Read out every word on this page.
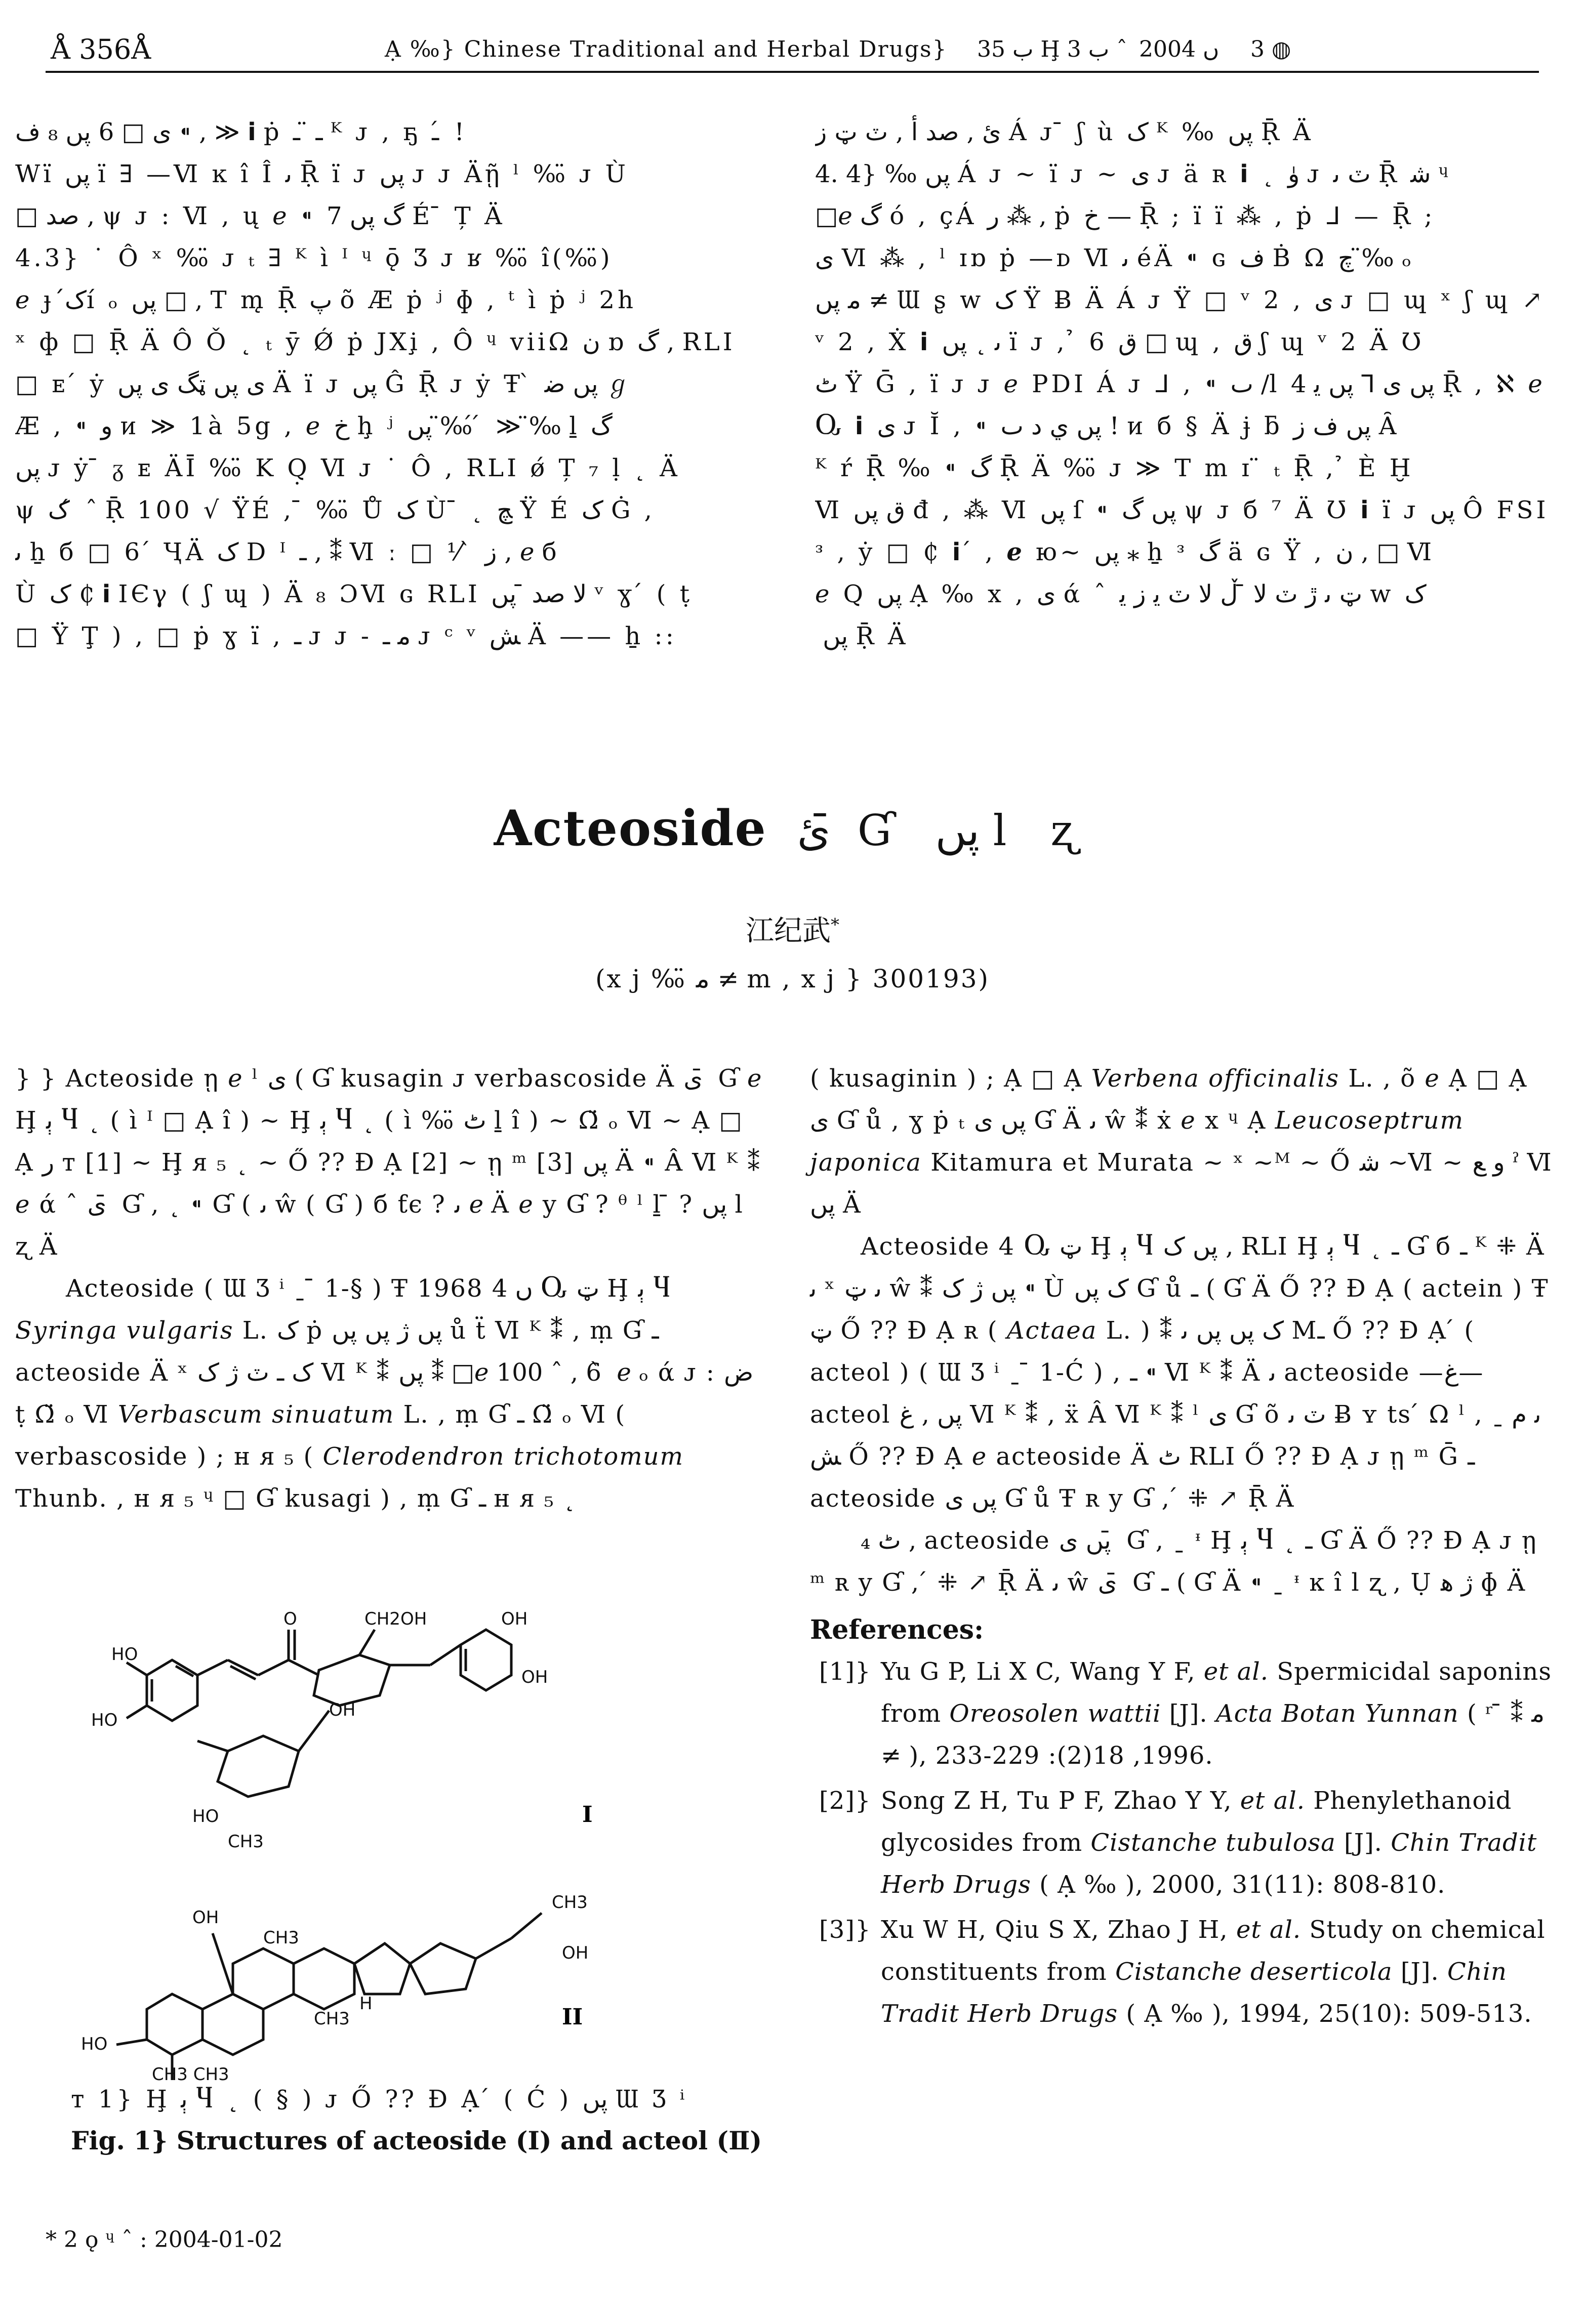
Å 356Å	Ạ ‰} Chinese Traditional and Herbal Drugs} ب 35 Ḩ ب 3 ˆ 2004 ں 3 ◍
ی □ 6 پں ₈ ف ⁌ , ≫ 𝗶 ṗ ـ ̈ ـ ᴷ ᴊ , ҕ ـ ́ !
Wï پں ï ∃ —Ⅵ ĸ î Î ﯨ Ṝ ï ᴊ پں ᴊ ᴊ Äῇ ˡ ‰̈ ᴊ Ù
□ ﺻﺪ , ψ ᴊ : Ⅵ , ų ℯ ⁌ گ پں 7 É ̄ Ț Ä
4.3} ˙ Ô ˣ ‰̈ ᴊ ₜ ∃ ᴷ ì ᴵ ᶣ ǭ Ʒ ᴊ ʁ ‰̈ î(‰̈)
ℯ ɟ ک́í ₒ پں □ , T m̨ Ṝ پ õ Æ ṗ ʲ ɸ , ᵗ ì ṗ ʲ 2h
ˣ ф □ Ṝ Ä Ô Ǒ ˛ ₜ ӯ Ǿ ṗ JXi̧ , Ô ᶣ viiΩ ن ɒ گ , RLI
□ ᴇ ́ ẏ ی پں ټگ ی پں Ä ï ᴊ پں Ĝ Ṝ ᴊ ẏ Ŧ ̀ پں ﺿ ℊ
Æ , ⁌ و ᴎ ≫ 1à 5g , ℯ خ ḩ ʲ پں ‰̈ ́ ́ ≫ ‰̈ ḻ گ
پں ᴊ ẏ ̄ ᵹ ᴇ ÄĪ ‰̈ K Q̣ Ⅵ ᴊ ˙ Ô , RLI ǿ Ț ₇ ḷ ˛ Ä
ψ ک ́ ˆ Ṝ 100 √ ŸÉ , ̄ ‰̈ Ů ک Ù ̄ ˛ ﭻ Ÿ É ک Ġ ,
ﯨ ẖ б □ 6 ́ ҶÄ ک D ᴵ ـ , ⁑ Ⅵ ː □ ⅟ ̀ ز , ℯ б
Ù ک ₵ 𝗶 ІЄγ ( ʃ ɰ ) Ä ₈ ƆⅥ ɢ RLI ﻻ ﺻﺪ ̄ پں ᵛ ɣ ́ ( ṭ
□ Ÿ Ţ ) , □ ṗ ɣ ï , ـ ᴊ ᴊ - ﻣ ـ ᴊ ᶜ ᵛ ﺶ Ä —— ẖ ::
ئ , ﺻﺪ ﺃ , ٽ ټ ز Á ᴊ ̄ ʃ ù ک ᴷ ‰ پں Ṝ Ä
4. 4} ‰ پں Á ᴊ ~ ï ᴊ ~ ی ᴊ ä ʀ 𝗶 ˛ ﯛ ᴊ ٽ ﯨ Ṝ ﺷ ᶣ
□ℯ گ ó , çÁ ﺭ ⁂ , ṗ خ — Ṝ ; ï ï ⁂ , ṗ ᒧ — Ṝ ;
ی Ⅵ ⁂ , ˡ ɪɒ ṗ —ᴅ Ⅵ ﯨ éÄ ⁌ ɢ ﻑ Ḃ Ω ﭺ ‰̈ ₒ
ﻣ پں ≠ Ɯ ʂ w ک Ÿ Ƀ Ä Á ᴊ Ÿ □ ᵛ 2 , ی ᴊ □ ɰ ˣ ʃ ɰ ↗
ᵛ 2 , Ẋ 𝗶 ﯨ ˛ پں ï ᴊ , ̉ 6 ق □ ɰ , ق ʃ ɰ ᵛ 2 Ä Ʊ
ٹ Ÿ Ḡ , ï ᴊ ᴊ ℯ PDI Á ᴊ ᒧ , ⁌ ٮ /l پں ی ⅂ پں ﯾ 4 Ṝ , ℵ ℯ
Ⴍ 𝗶 ی ᴊ Ĭ , ⁌ پں ي ﺩ ٮ ! ᴎ б § Ä ɉ ƃ پں ﻑ ز Ȃ
ᴷ ŕ Ṝ ‰ ⁌ گ Ṝ Ä ‰̈ ᴊ ≫ T m ɪ ̈ ₜ Ṝ , ̉ È Ḫ
Ⅵ ق پں đ , ⁂ Ⅵ پں ſ ⁌ پں گ ψ ᴊ б ⁷ Ä Ʊ 𝗶 ï ᴊ پں Ô FSI
ᵌ , ẏ □ ₵ 𝗶 ́ , ℯ ю~ پں ⁎ ẖ ᵌ گ ä ɢ Ÿ , ن , □ Ⅵ
ℯ Q پں Ạ ‰ x , ی ά ˆ ټ ﯨ ڙ ٽ ﻻ ̄ ڵ ﻻ ٽ ﯾ ز ﯾ w ک
̀ پں Ṝ Ä
Acteoside ئ ̄ Ɠ پں l ʐ
江纪武*
(x j ‰̈ ﻣ ≠ m , x j } 300193)

} } Acteoside ῃ ℯ ˡ ی ( Ɠ kusagin ᴊ verbascoside Ä ی ̄ Ɠ ℯ Ḩ ﭔ Ⴗ ˛ ( ì ᴵ □ Ạ î ) ~ Ḩ ﭔ Ⴗ ˛ ( ì ‰̈ ٹ ḻ î ) ~ Ω̈ ₒ Ⅵ ~ Ạ □ Ạ ﺭ ᴛ [1] ~ Ḩ ᴙ ₅ ˛ ~ Ő ?? Ɖ Ạ [2] ~ ῃ ᵐ [3] پں Ä ⁌ Â Ⅵ ᴷ ⁑ ℯ ά ˆ ی ̄ Ɠ , ˛ ⁌ Ɠ ( ﯨ ŵ ( Ɠ ) б ƭє ? ﯨ ℯ Ä ℯ y Ɠ ? ᶿ ˡ ḻ ̄ ? پں l ʐ Ä

Acteoside ( Ɯ Ʒ ⁱ ˍ ̄ 1-§ ) Ŧ 1968 ں 4 Ⴍ ټ Ḩ ﭔ Ⴗ Syringa vulgaris L. ک ṗ پں ژ پں پں ů ẗ Ⅵ ᴷ ⁑ , ṃ Ɠ ـ acteoside Ä ˣ ک ـ ٽ ژ ک Ⅵ ᴷ ⁑ پں ⁑ □ℯ 100 ˆ , 6 ̀ ℯ ₒ ά ᴊ : ﺽ ṭ Ω̈ ₒ Ⅵ Verbascum sinuatum L. , ṃ Ɠ ـ Ω̈ ₒ Ⅵ ( verbascoside ) ; ʜ ᴙ ₅ ( Clerodendron trichotomum Thunb. , ʜ ᴙ ₅ ᶣ □ Ɠ kusagi ) , ṃ Ɠ ـ ʜ ᴙ ₅ ˛

HO
HO
CH2OH
O	OH
OH
OH
HO
CH3
CH3
OH
HO
CH3 CH3
OH
CH3
CH3
H
I
II
ᴛ 1} Ḩ ﭔ Ⴗ ˛ ( § ) ᴊ Ő ?? Ɖ Ạ ́ ( Ć ) پں Ɯ Ʒ ⁱ
Fig. 1} Structures of acteoside (Ⅰ) and acteol (Ⅱ)

( kusaginin ) ; Ạ □ Ạ Verbena officinalis L. , õ ℯ Ạ □ Ạ ی Ɠ ů , ɣ ṗ ₜ پں ی Ɠ Ä ﯨ ŵ ⁑ ẋ ℯ x ᶣ Ạ Leucoseptrum japonica Kitamura et Murata ~ ˣ ~ᴹ ~ Ő ﺷ ~Ⅵ ~ و ﻊ ˀ Ⅵ پں Ä

Acteoside 4 Ⴍ ټ Ḩ ﭔ Ⴗ پں ک , RLI Ḩ ﭔ Ⴗ ˛ ـ Ɠ б ـ ᴷ ⁜ Ä ﯨ ˣ ﯨ ټ ŵ ⁑ پں ژ ک ⁌ Ù ک پں Ɠ ů ـ ( Ɠ Ä Ő ?? Ɖ Ạ ( actein ) Ŧ ټ Ő ?? Ɖ Ạ ʀ ( Actaea L. ) ⁑ ک پں پں ﯨ Mـ Ő ?? Ɖ Ạ ́ ( acteol ) ( Ɯ Ʒ ⁱ ˍ ̄ 1-Ć ) , ـ ⁌ Ⅵ ᴷ ⁑ Ä ﯨ acteoside —ﻍ— acteol پں , ﻍ Ⅵ ᴷ ⁑ , ẍ Â Ⅵ ᴷ ⁑ ˡ ی Ɠ õ ٽ ﯨ Ƀ ʏ ts ́ Ω ˡ , ﯨ ﻡ ˍ ﺶ Ő ?? Ɖ Ạ ℯ acteoside Ä ٹ RLI Ő ?? Ɖ Ạ ᴊ ῃ ᵐ Ḡ ـ acteoside پں ی Ɠ ů Ŧ ʀ y Ɠ , ́ ⁜ ↗ Ṝ Ä

₄ ٹ , acteoside پں ی ̄ Ɠ , ˍ ᶧ Ḩ ﭔ Ⴗ ˛ ـ Ɠ Ä Ő ?? Ɖ Ạ ᴊ ῃ ᵐ ʀ y Ɠ , ́ ⁜ ↗ Ṝ Ä ﯨ ŵ ی ̄ Ɠ ـ ( Ɠ Ä ⁌ ˍ ᶧ ĸ î l ʐ , Ụ ژ ﻫ ɸ Ä

References:
[1]} Yu G P, Li X C, Wang Y F, et al. Spermicidal saponins from Oreosolen wattii [J]. Acta Botan Yunnan ( ʳ ̄ ⁑ ﻣ ≠ ), 1996, 18(2): 229-233.
[2]} Song Z H, Tu P F, Zhao Y Y, et al. Phenylethanoid glycosides from Cistanche tubulosa [J]. Chin Tradit Herb Drugs ( Ạ ‰ ), 2000, 31(11): 808-810.
[3]} Xu W H, Qiu S X, Zhao J H, et al. Study on chemical constituents from Cistanche deserticola [J]. Chin Tradit Herb Drugs ( Ạ ‰ ), 1994, 25(10): 509-513.
* 2 ǫ ᶣ ˆ : 2004-01-02
